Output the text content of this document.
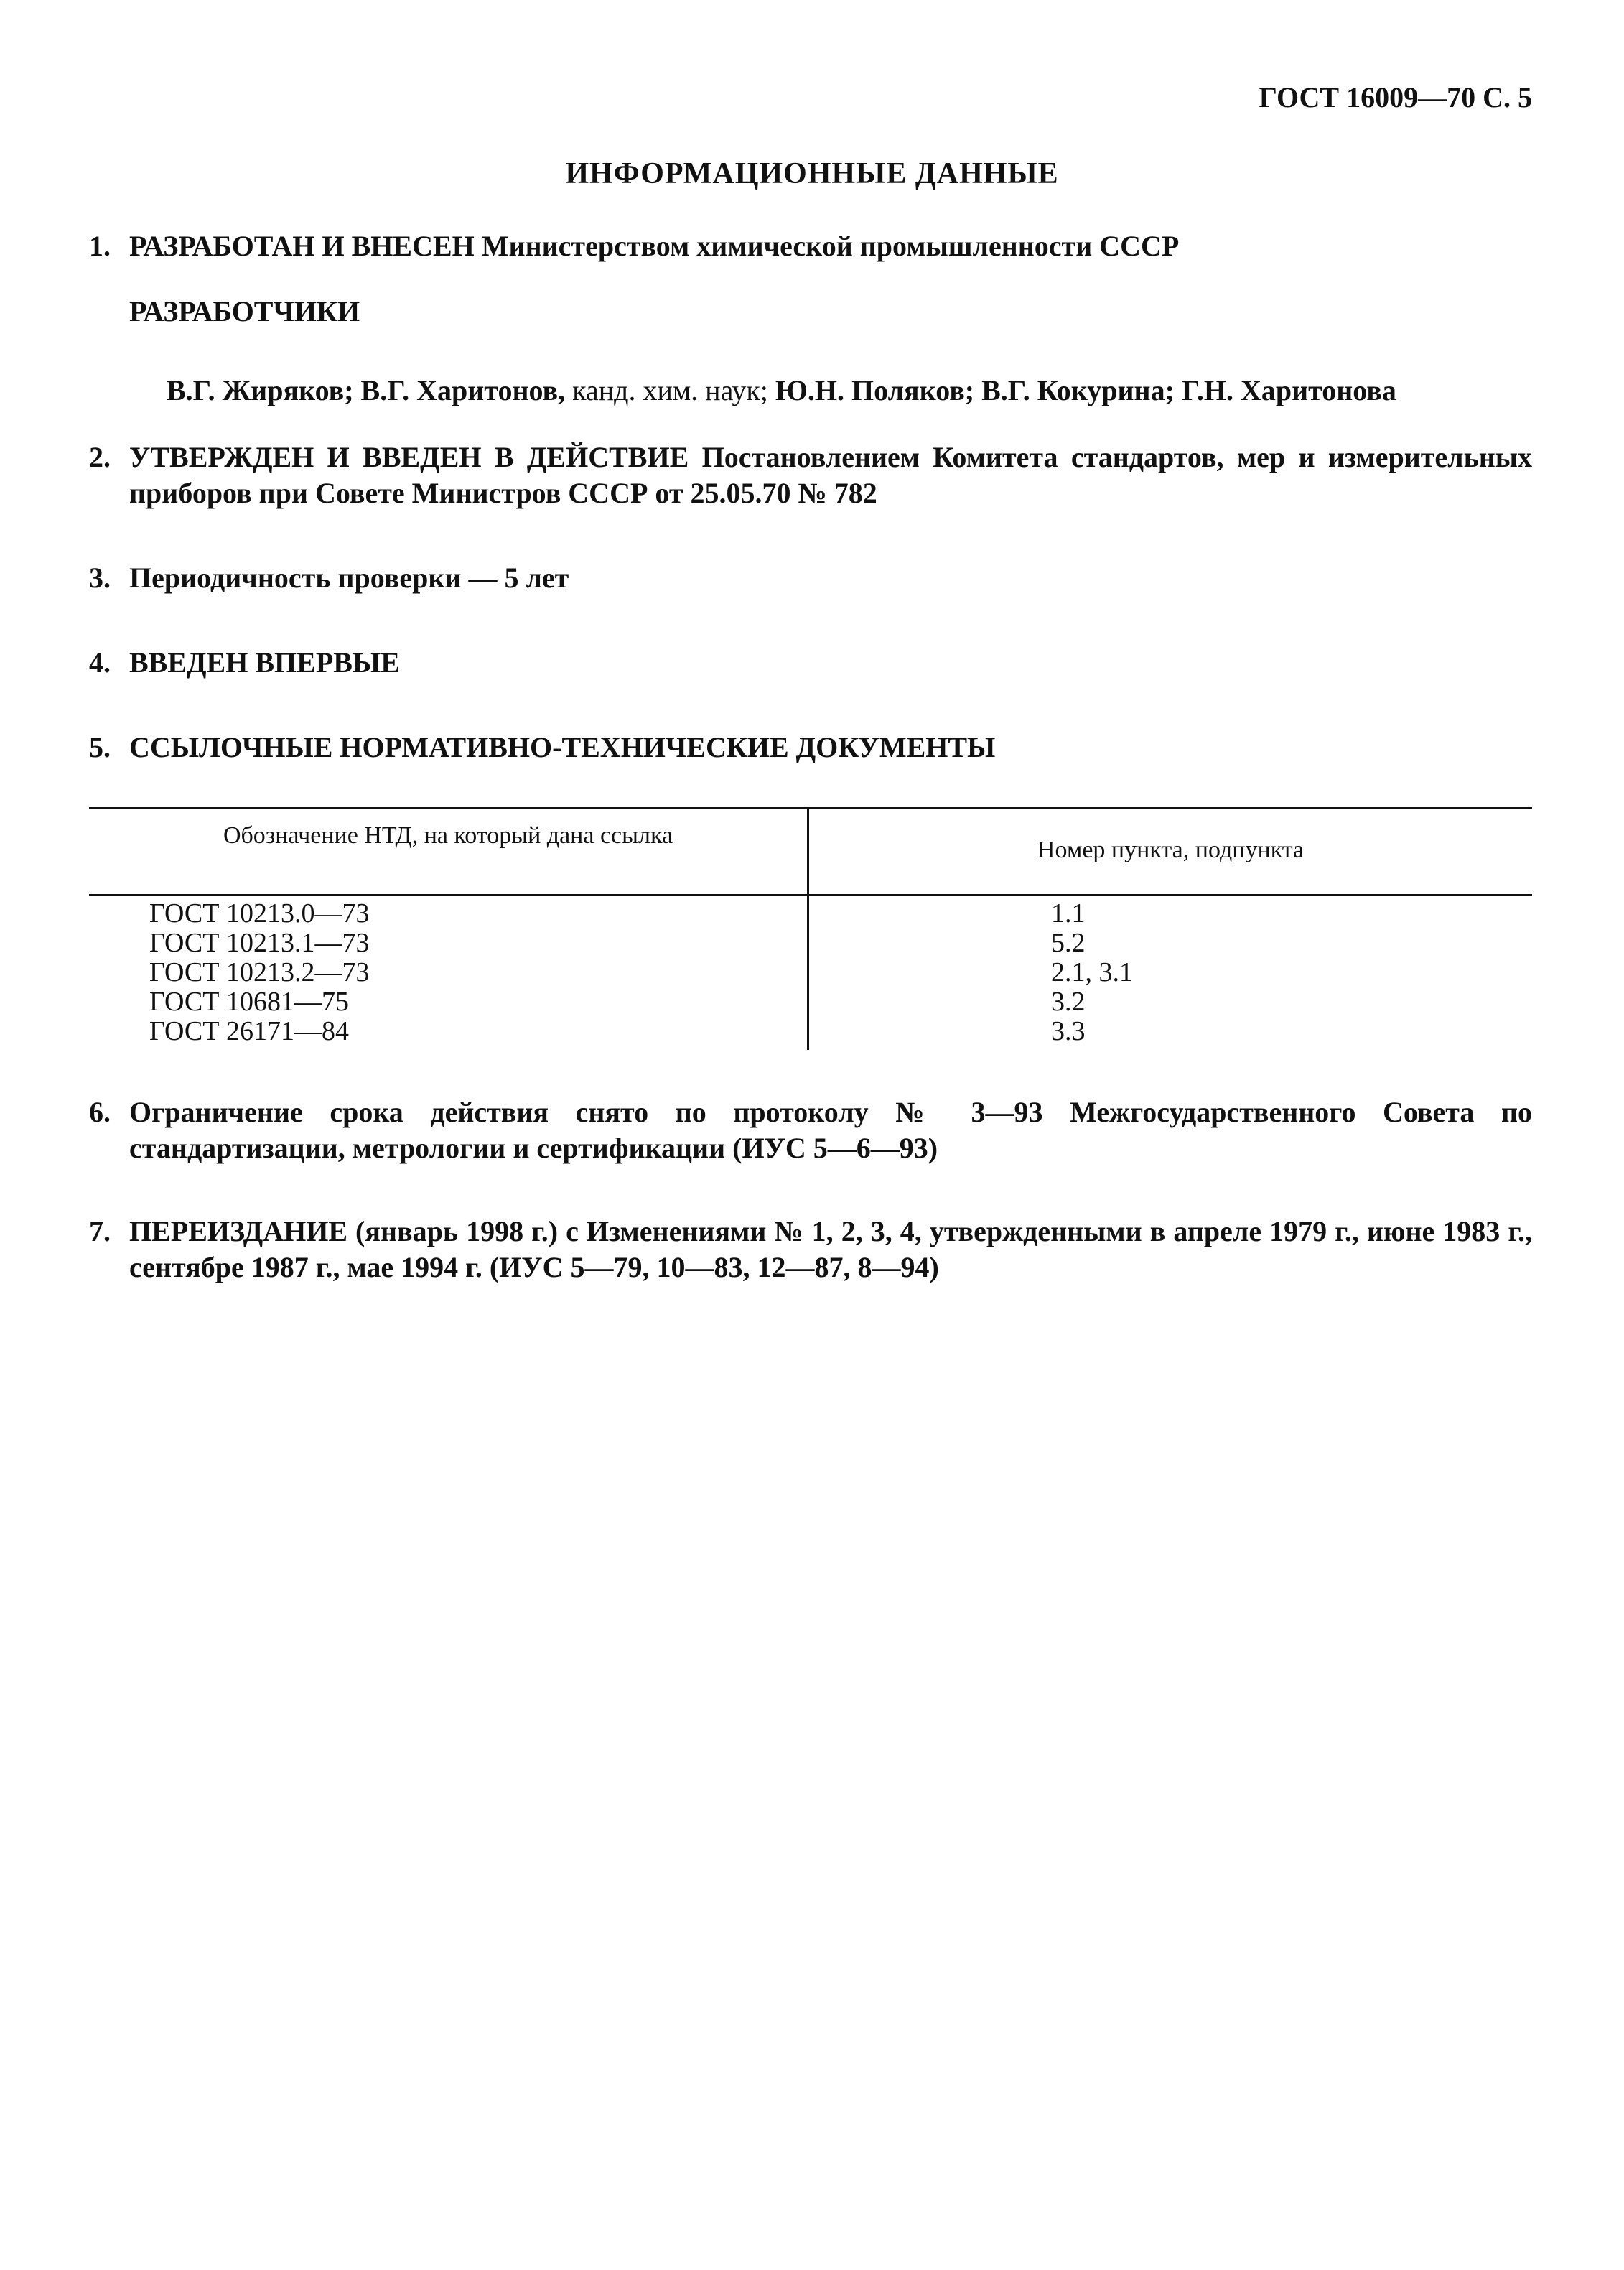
ГОСТ 16009—70 С. 5
ИНФОРМАЦИОННЫЕ ДАННЫЕ
1. РАЗРАБОТАН И ВНЕСЕН Министерством химической промышленности СССР
РАЗРАБОТЧИКИ
В.Г. Жиряков; В.Г. Харитонов, канд. хим. наук; Ю.Н. Поляков; В.Г. Кокурина; Г.Н. Харитонова
2. УТВЕРЖДЕН И ВВЕДЕН В ДЕЙСТВИЕ Постановлением Комитета стандартов, мер и измерительных приборов при Совете Министров СССР от 25.05.70 № 782
3. Периодичность проверки — 5 лет
4. ВВЕДЕН ВПЕРВЫЕ
5. ССЫЛОЧНЫЕ НОРМАТИВНО-ТЕХНИЧЕСКИЕ ДОКУМЕНТЫ
Обозначение НТД, на который дана ссылка
Номер пункта, подпункта
ГОСТ 10213.0—73
ГОСТ 10213.1—73
ГОСТ 10213.2—73
ГОСТ 10681—75
ГОСТ 26171—84
1.1
5.2
2.1, 3.1
3.2
3.3
6. Ограничение срока действия снято по протоколу № 3—93 Межгосударственного Совета по стандартизации, метрологии и сертификации (ИУС 5—6—93)
7. ПЕРЕИЗДАНИЕ (январь 1998 г.) с Изменениями № 1, 2, 3, 4, утвержденными в апреле 1979 г., июне 1983 г., сентябре 1987 г., мае 1994 г. (ИУС 5—79, 10—83, 12—87, 8—94)
